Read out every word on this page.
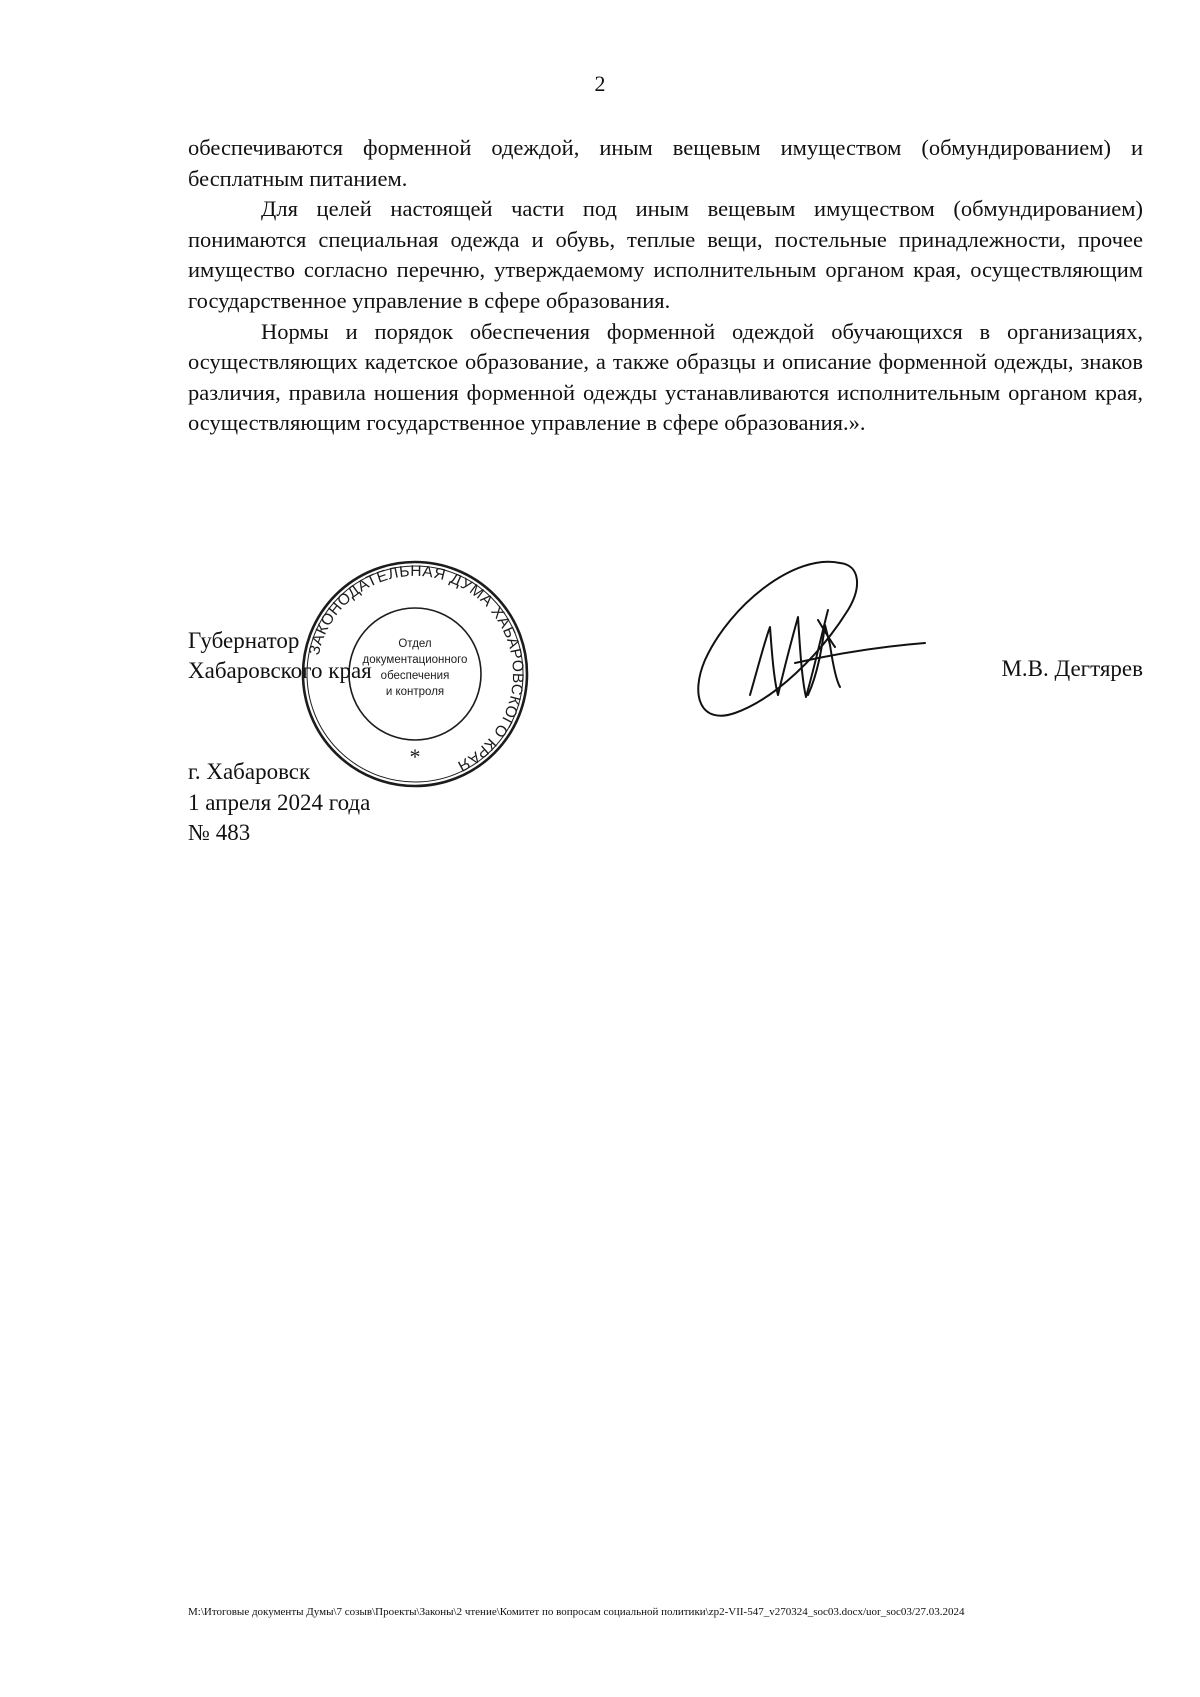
2

обеспечиваются форменной одеждой, иным вещевым имуществом (обмундированием) и бесплатным питанием.

Для целей настоящей части под иным вещевым имуществом (обмундированием) понимаются специальная одежда и обувь, теплые вещи, постельные принадлежности, прочее имущество согласно перечню, утверждаемому исполнительным органом края, осуществляющим государственное управление в сфере образования.

Нормы и порядок обеспечения форменной одеждой обучающихся в организациях, осуществляющих кадетское образование, а также образцы и описание форменной одежды, знаков различия, правила ношения форменной одежды устанавливаются исполнительным органом края, осуществляющим государственное управление в сфере образования.».

Губернатор
Хабаровского края
ЗАКОНОДАТЕЛЬНАЯ ДУМА ХАБАРОВСКОГО КРАЯ
Отдел
документационного
обеспечения
и контроля
*
М.В. Дегтярев
г. Хабаровск
1 апреля 2024 года
№ 483
M:\Итоговые документы Думы\7 созыв\Проекты\Законы\2 чтение\Комитет по вопросам социальной политики\zp2-VII-547_v270324_soc03.docx/uor_soc03/27.03.2024
